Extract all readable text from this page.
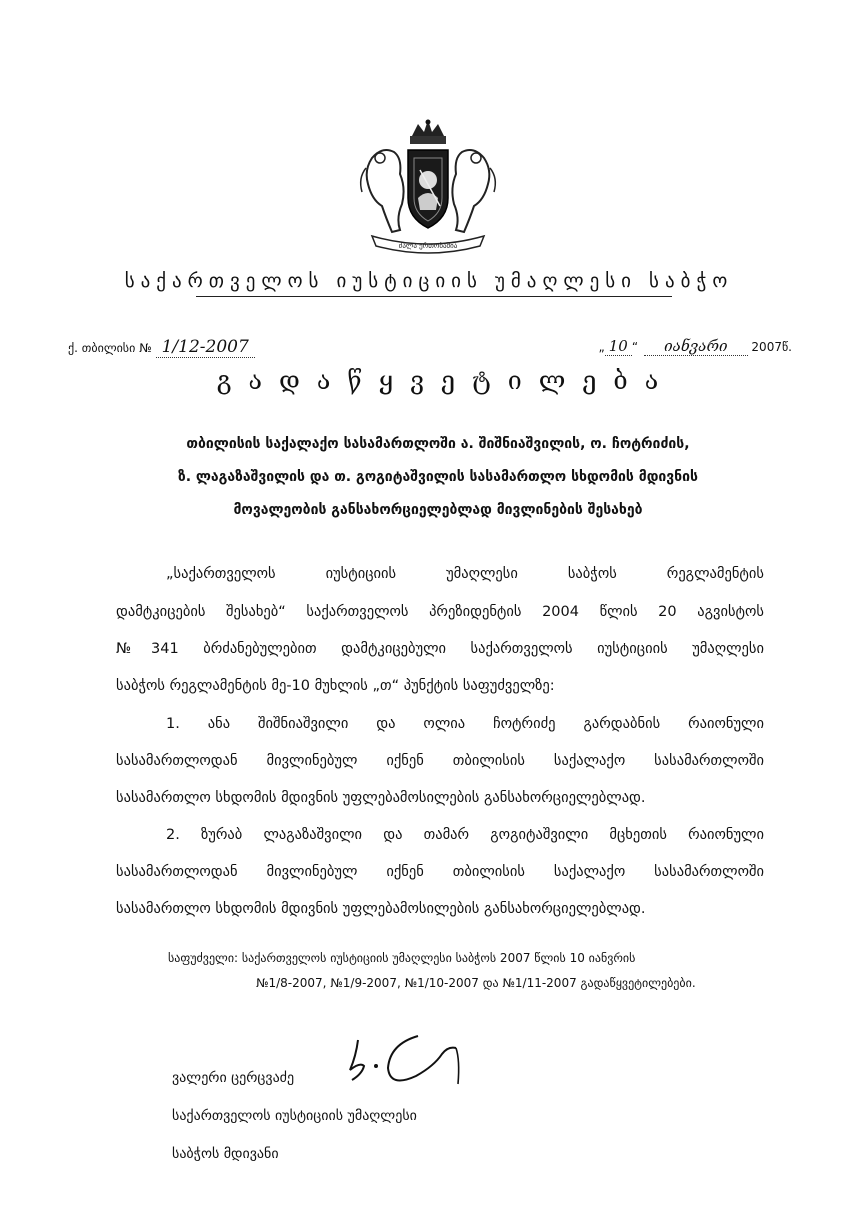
ძალა ერთობაშია
საქართველოს იუსტიციის უმაღლესი საბჭო
ქ. თბილისი № 1/12-2007	„ 10 “ იანვარი 2007წ.
გადაწყვეტილება
თბილისის საქალაქო სასამართლოში ა. შიშნიაშვილის, ო. ჩოტრიძის,
ზ. ლაგაზაშვილის და თ. გოგიტაშვილის სასამართლო სხდომის მდივნის
მოვალეობის განსახორციელებლად მივლინების შესახებ
„საქართველოს იუსტიციის უმაღლესი საბჭოს რეგლამენტის
დამტკიცების შესახებ“ საქართველოს პრეზიდენტის 2004 წლის 20 აგვისტოს
№341 ბრძანებულებით დამტკიცებული საქართველოს იუსტიციის უმაღლესი
საბჭოს რეგლამენტის მე-10 მუხლის „თ“ პუნქტის საფუძველზე:
1. ანა შიშნიაშვილი და ოლია ჩოტრიძე გარდაბნის რაიონული
სასამართლოდან მივლინებულ იქნენ თბილისის საქალაქო სასამართლოში
სასამართლო სხდომის მდივნის უფლებამოსილების განსახორციელებლად.
2. ზურაბ ლაგაზაშვილი და თამარ გოგიტაშვილი მცხეთის რაიონული
სასამართლოდან მივლინებულ იქნენ თბილისის საქალაქო სასამართლოში
სასამართლო სხდომის მდივნის უფლებამოსილების განსახორციელებლად.
საფუძველი: საქართველოს იუსტიციის უმაღლესი საბჭოს 2007 წლის 10 იანვრის
№1/8-2007, №1/9-2007, №1/10-2007 და №1/11-2007 გადაწყვეტილებები.
ვალერი ცერცვაძე
საქართველოს იუსტიციის უმაღლესი
საბჭოს მდივანი
